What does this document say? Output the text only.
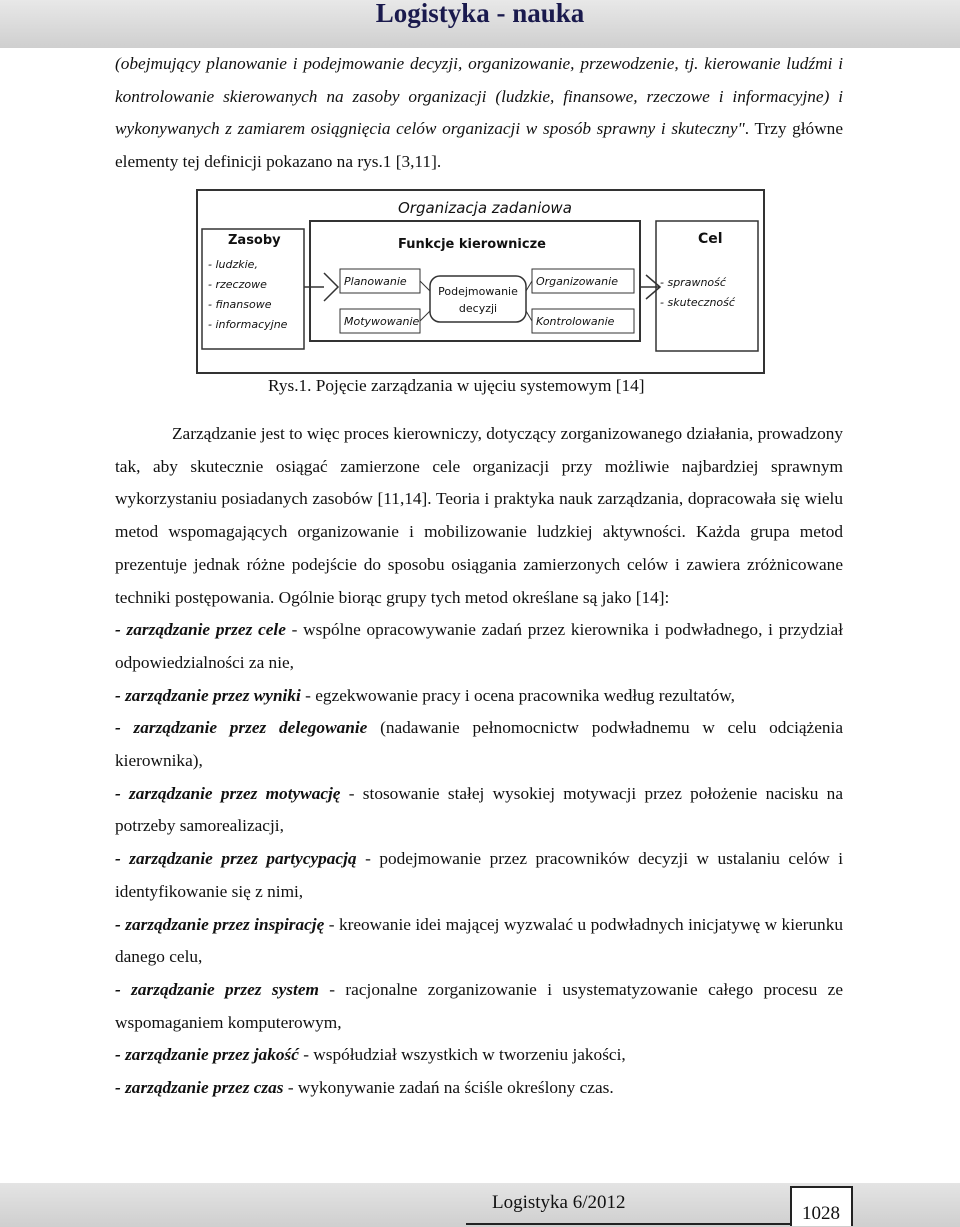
Logistyka - nauka

(obejmujący planowanie i podejmowanie decyzji, organizowanie, przewodzenie, tj. kierowanie ludźmi i kontrolowanie skierowanych na zasoby organizacji (ludzkie, finansowe, rzeczowe i informacyjne) i wykonywanych z zamiarem osiągnięcia celów organizacji w sposób sprawny i skuteczny". Trzy główne elementy tej definicji pokazano na rys.1 [3,11].

Organizacja zadaniowa
Zasoby
- ludzkie,
- rzeczowe
- finansowe
- informacyjne
Funkcje kierownicze
Planowanie
Motywowanie
Organizowanie
Kontrolowanie
Podejmowanie
decyzji
Cel
- sprawność
- skuteczność
Rys.1. Pojęcie zarządzania w ujęciu systemowym [14]
Zarządzanie jest to więc proces kierowniczy, dotyczący zorganizowanego działania, prowadzony tak, aby skutecznie osiągać zamierzone cele organizacji przy możliwie najbardziej sprawnym wykorzystaniu posiadanych zasobów [11,14]. Teoria i praktyka nauk zarządzania, dopracowała się wielu metod wspomagających organizowanie i mobilizowanie ludzkiej aktywności. Każda grupa metod prezentuje jednak różne podejście do sposobu osiągania zamierzonych celów i zawiera zróżnicowane techniki postępowania. Ogólnie biorąc grupy tych metod określane są jako [14]:
- zarządzanie przez cele - wspólne opracowywanie zadań przez kierownika i podwładnego, i przydział odpowiedzialności za nie,
- zarządzanie przez wyniki - egzekwowanie pracy i ocena pracownika według rezultatów,
- zarządzanie przez delegowanie (nadawanie pełnomocnictw podwładnemu w celu odciążenia kierownika),
- zarządzanie przez motywację - stosowanie stałej wysokiej motywacji przez położenie nacisku na potrzeby samorealizacji,
- zarządzanie przez partycypacją - podejmowanie przez pracowników decyzji w ustalaniu celów i identyfikowanie się z nimi,
- zarządzanie przez inspirację - kreowanie idei mającej wyzwalać u podwładnych inicjatywę w kierunku danego celu,
- zarządzanie przez system - racjonalne zorganizowanie i usystematyzowanie całego procesu ze wspomaganiem komputerowym,
- zarządzanie przez jakość - współudział wszystkich w tworzeniu jakości,
- zarządzanie przez czas - wykonywanie zadań na ściśle określony czas.
Logistyka 6/2012
1028
